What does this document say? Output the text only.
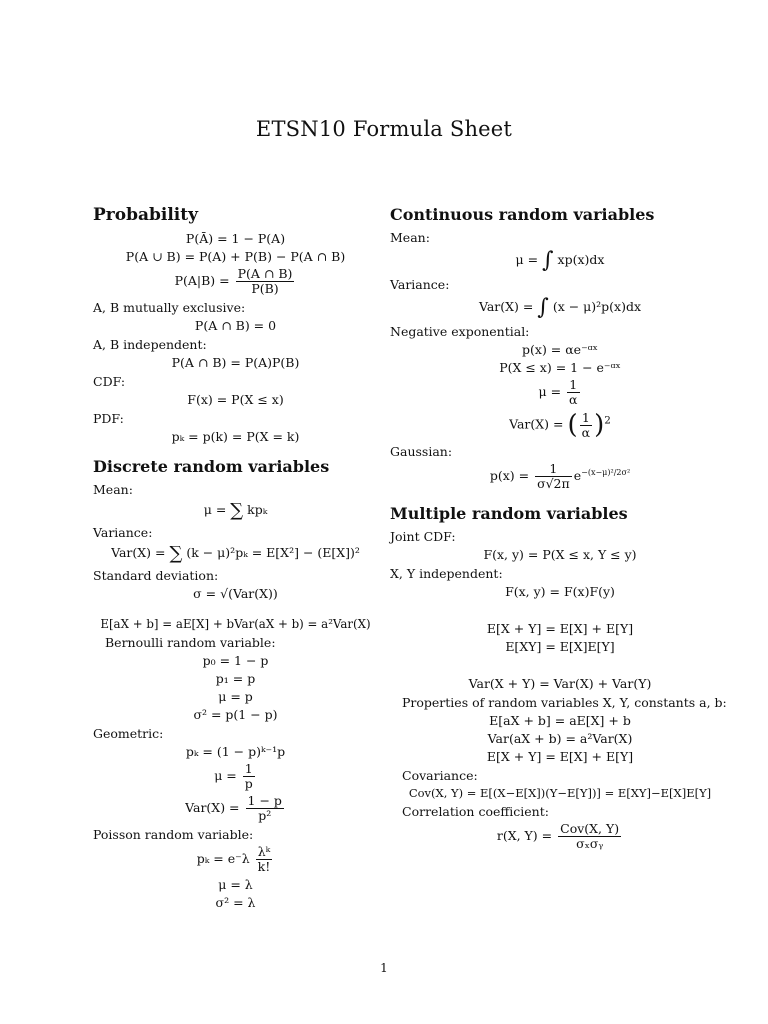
ETSN10 Formula Sheet
Probability
P(Ā) = 1 − P(A)
P(A ∪ B) = P(A) + P(B) − P(A ∩ B)
$P(A|B) = \frac{P(A \cap B)}{P(B)}$
A, B mutually exclusive:
P(A ∩ B) = 0
A, B independent:
P(A ∩ B) = P(A)P(B)
CDF:
F(x) = P(X ≤ x)
PDF:
pₖ = p(k) = P(X = k)
Discrete random variables
Mean:
μ = ∑ kpₖ
Variance:
Var(X) = ∑ (k − μ)²pₖ = E[X²] − (E[X])²
Standard deviation:
σ = √(Var(X))
E[aX + b] = aE[X] + bVar(aX + b) = a²Var(X)
Bernoulli random variable:
p₀ = 1 − p
p₁ = p
μ = p
σ² = p(1 − p)
Geometric:
pₖ = (1 − p)ᵏ⁻¹p
$\mu = \frac{1}{p}$
$Var(X) = \frac{1 - p}{\text{p²}}$
Poisson random variable:
$p_k = e^-\lambda \frac{\text{λᵏ}}{k!}$
μ = λ
σ² = λ
Continuous random variables
Mean:
μ = ∫ xp(x)dx
Variance:
Var(X) = ∫ (x − μ)²p(x)dx
Negative exponential:
p(x) = αe⁻ᵅˣ
P(X ≤ x) = 1 − e⁻ᵅˣ
$\mu = \frac{1}{\alpha}$
Var(X) = ( $\frac{1}{\alpha} )^2$
Gaussian:
$p(x) = \frac{1}{\sigma√2\pi} e^{-(x-\mu)^2/2\sigma^2}$
Multiple random variables
Joint CDF:
F(x, y) = P(X ≤ x, Y ≤ y)
X, Y independent:
F(x, y) = F(x)F(y)
E[X + Y] = E[X] + E[Y]
E[XY] = E[X]E[Y]
Var(X + Y) = Var(X) + Var(Y)
Properties of random variables X, Y, constants a, b:
E[aX + b] = aE[X] + b
Var(aX + b) = a²Var(X)
E[X + Y] = E[X] + E[Y]
Covariance:
Cov(X, Y) = E[(X−E[X])(Y−E[Y])] = E[XY]−E[X]E[Y]
Correlation coefficient:
r(X, $Y) = \frac{\text{Cov(X, Y)}}{\text{σₓσᵧ}}$
1
